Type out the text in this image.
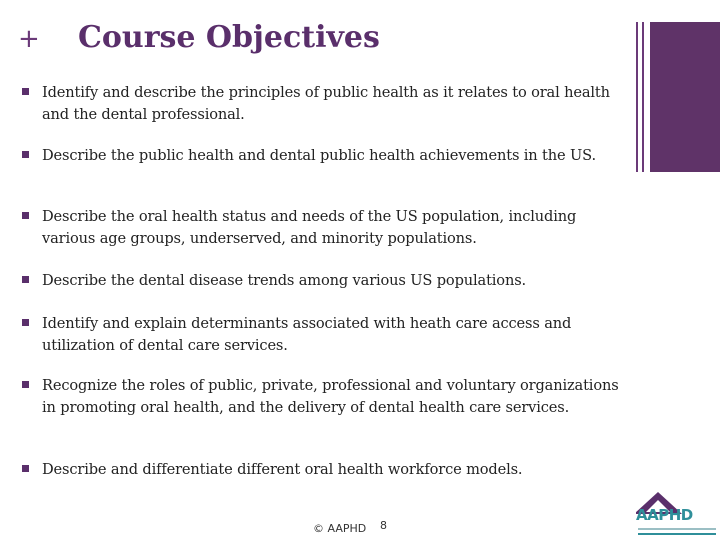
+ Course Objectives
Identify and describe the principles of public health as it relates to oral health and the dental professional.
Describe the public health and dental public health achievements in the US.
Describe the oral health status and needs of the US population, including various age groups, underserved, and minority populations.
Describe the dental disease trends among various US populations.
Identify and explain determinants associated with heath care access and utilization of dental care services.
Recognize the roles of public, private, professional and voluntary organizations in promoting oral health, and the delivery of dental health care services.
Describe and differentiate different oral health workforce models.
© AAPHD 8
AAPHD
